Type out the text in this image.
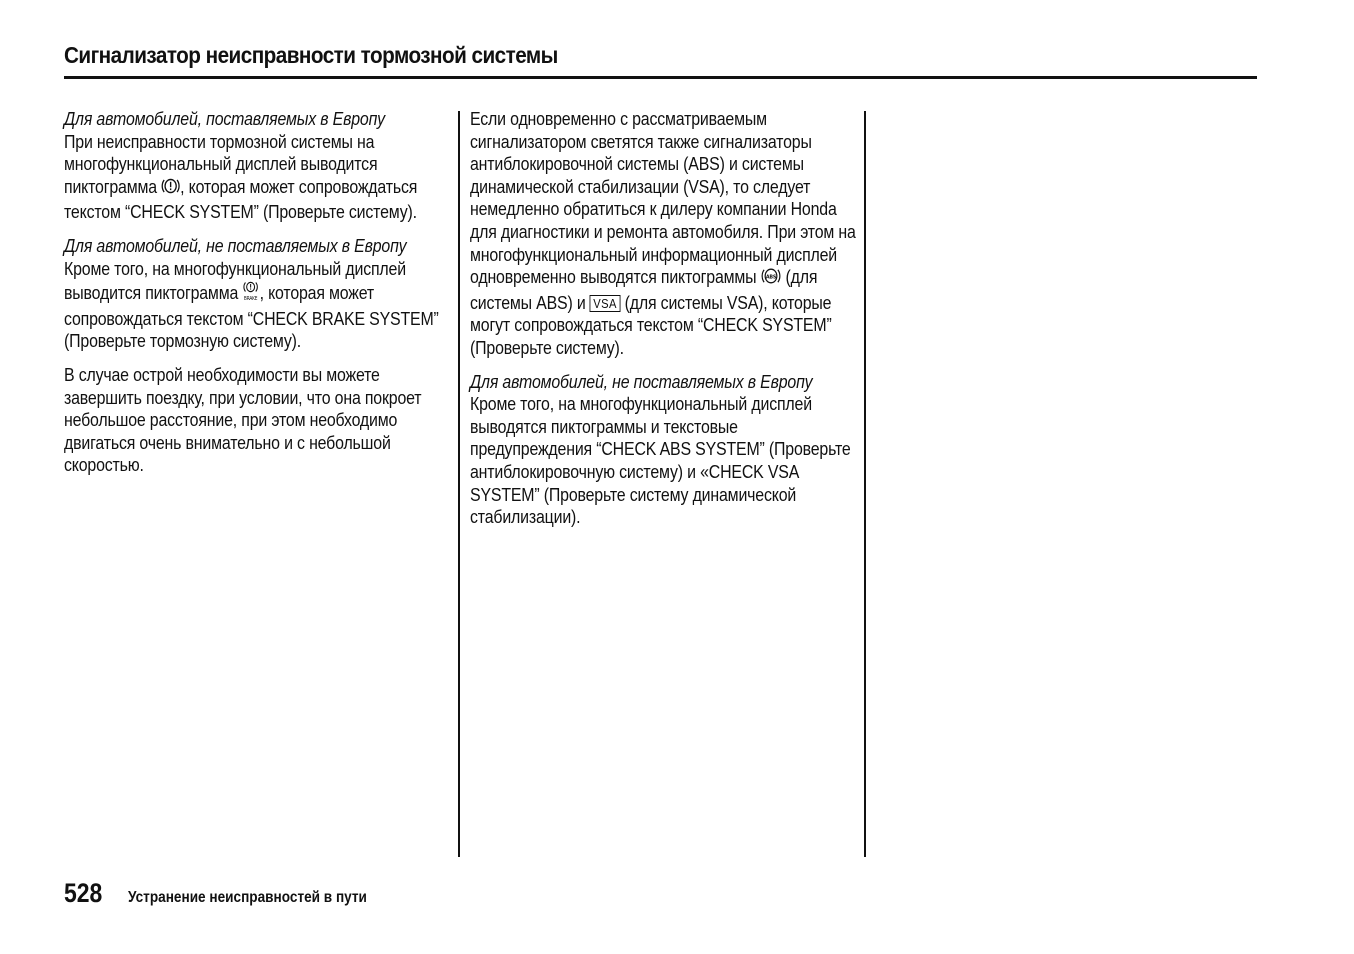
Сигнализатор неисправности тормозной системы

Для автомобилей, поставляемых в Европу
При неисправности тормозной системы на многофункциональный дисплей выводится пиктограмма , которая может сопровождаться текстом “CHECK SYSTEM” (Проверьте систему).

Для автомобилей, не поставляемых в Европу
Кроме того, на многофункциональный дисплей выводится пиктограмма BRAKE , которая может сопровождаться текстом “CHECK BRAKE SYSTEM” (Проверьте тормозную систему).

В случае острой необходимости вы можете завершить поездку, при условии, что она покроет небольшое расстояние, при этом необходимо двигаться очень внимательно и с небольшой скоростью.

Если одновременно с рассматриваемым сигнализатором светятся также сигнализаторы антиблокировочной системы (ABS) и системы динамической стабилизации (VSA), то следует немедленно обратиться к дилеру компании Honda для диагностики и ремонта автомобиля. При этом на многофункциональный информационный дисплей одновременно выводятся пиктограммы ABS (для системы ABS) и VSA (для системы VSA), которые могут сопровождаться текстом “CHECK SYSTEM” (Проверьте систему).

Для автомобилей, не поставляемых в Европу
Кроме того, на многофункциональный дисплей выводятся пиктограммы и текстовые предупреждения “CHECK ABS SYSTEM” (Проверьте антиблокировочную систему) и «CHECK VSA SYSTEM” (Проверьте систему динамической стабилизации).

528 Устранение неисправностей в пути
